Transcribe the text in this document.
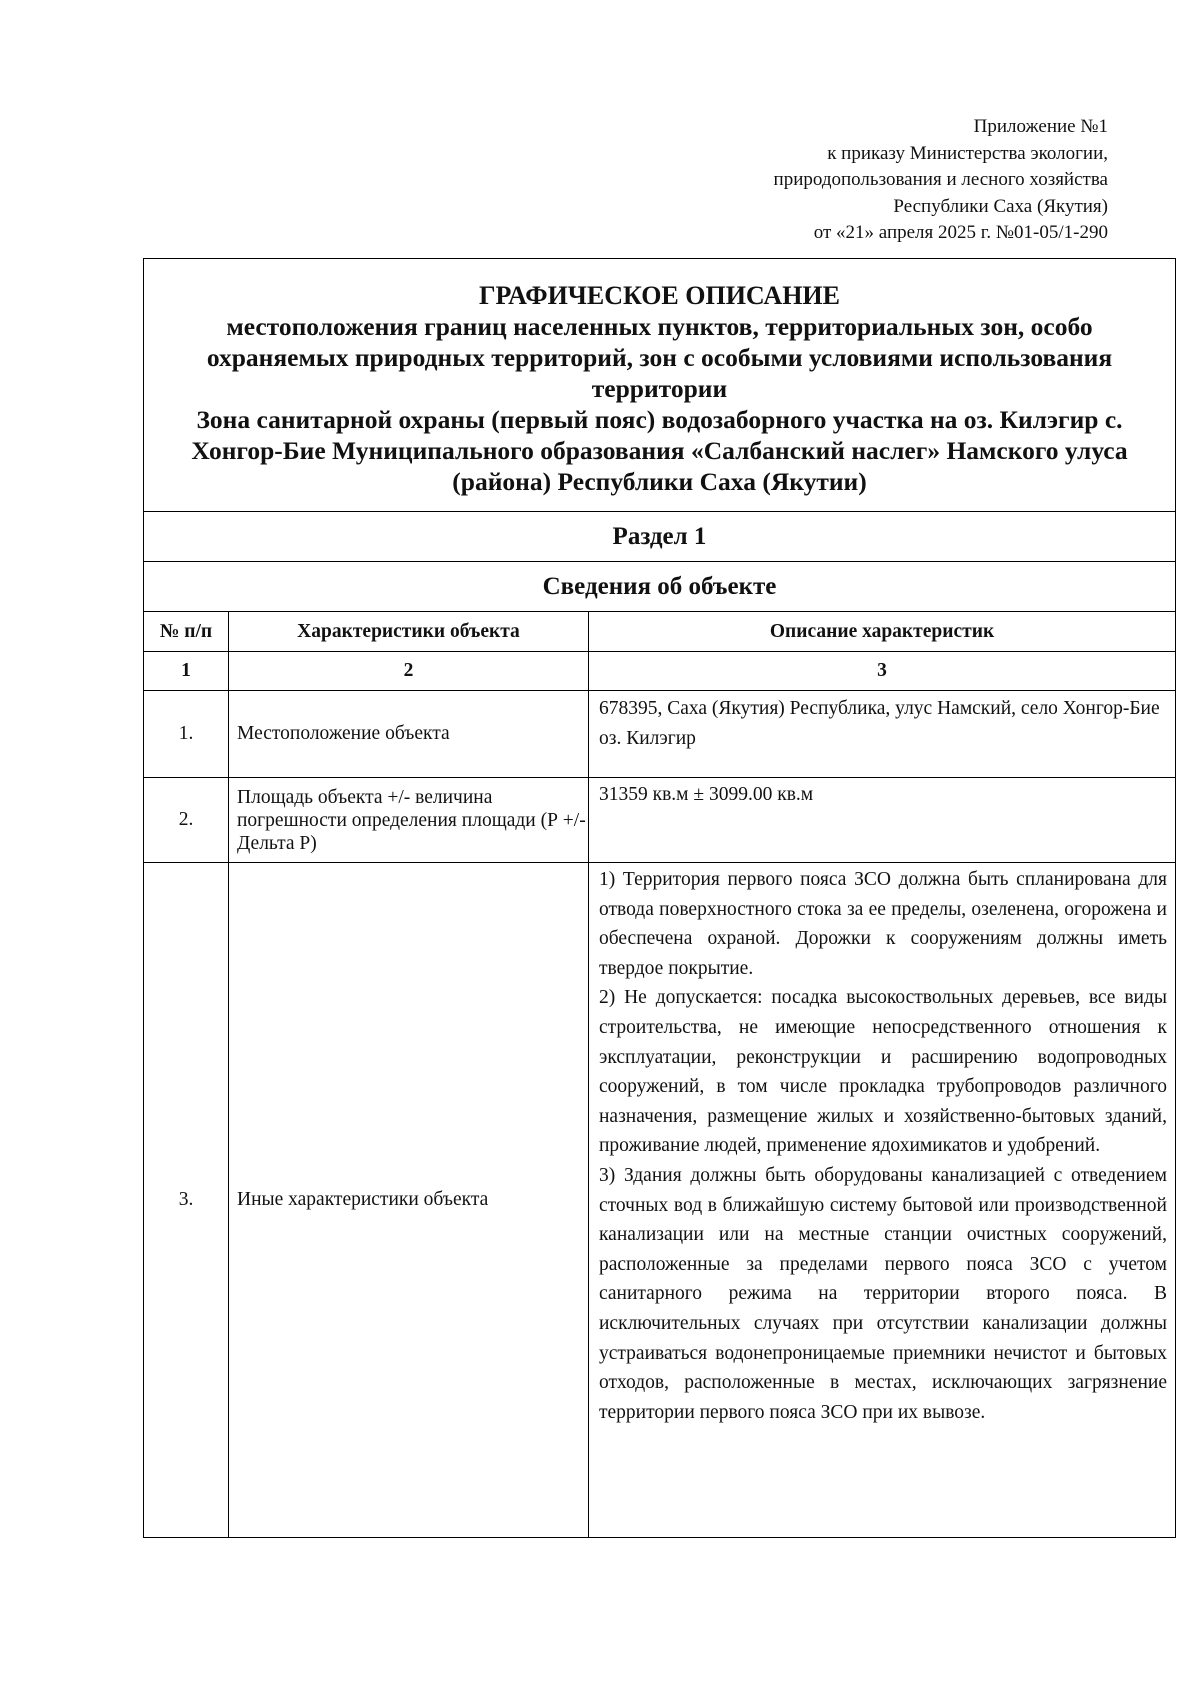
Приложение №1
к приказу Министерства экологии,
природопользования и лесного хозяйства
Республики Саха (Якутия)
от «21» апреля 2025 г. №01-05/1-290
ГРАФИЧЕСКОЕ ОПИСАНИЕ
местоположения границ населенных пунктов, территориальных зон, особо охраняемых природных территорий, зон с особыми условиями использования территории
Зона санитарной охраны (первый пояс) водозаборного участка на оз. Килэгир с. Хонгор-Бие Муниципального образования «Салбанский наслег» Намского улуса (района) Республики Саха (Якутии)		

Раздел 1		
Сведения об объекте		
№ п/п	Характеристики объекта	Описание характеристик
1	2	3
1.	Местоположение объекта	678395, Саха (Якутия) Республика, улус Намский, село Хонгор-Бие оз. Килэгир
2.	Площадь объекта +/- величина погрешности определения площади (Р +/- Дельта Р)	31359 кв.м ± 3099.00 кв.м
3.	Иные характеристики объекта	1) Территория первого пояса ЗСО должна быть спланирована для отвода поверхностного стока за ее пределы, озеленена, огорожена и обеспечена охраной. Дорожки к сооружениям должны иметь твердое покрытие.
2) Не допускается: посадка высокоствольных деревьев, все виды строительства, не имеющие непосредственного отношения к эксплуатации, реконструкции и расширению водопроводных сооружений, в том числе прокладка трубопроводов различного назначения, размещение жилых и хозяйственно-бытовых зданий, проживание людей, применение ядохимикатов и удобрений.
3) Здания должны быть оборудованы канализацией с отведением сточных вод в ближайшую систему бытовой или производственной канализации или на местные станции очистных сооружений, расположенные за пределами первого пояса ЗСО с учетом санитарного режима на территории второго пояса. В исключительных случаях при отсутствии канализации должны устраиваться водонепроницаемые приемники нечистот и бытовых отходов, расположенные в местах, исключающих загрязнение территории первого пояса ЗСО при их вывозе.
